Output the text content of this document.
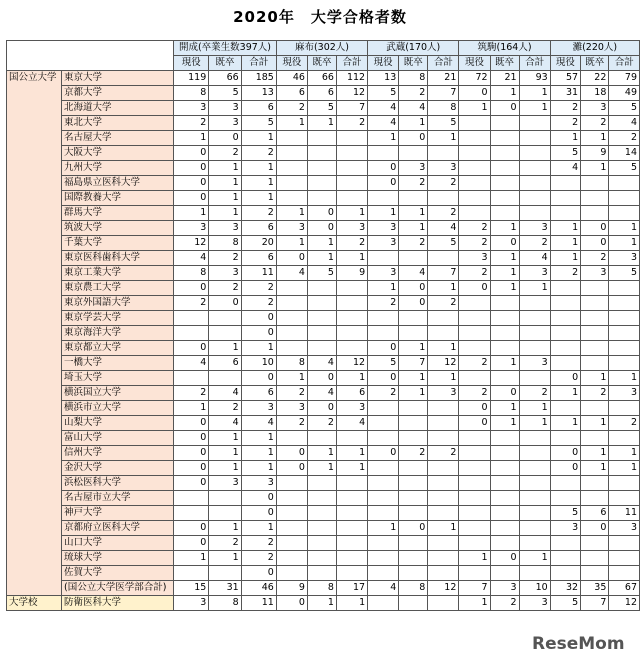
2020年　大学合格者数
		開成(卒業生数397人)			麻布(302人)			武蔵(170人)			筑駒(164人)			灘(220人)		
		現役	既卒	合計	現役	既卒	合計	現役	既卒	合計	現役	既卒	合計	現役	既卒	合計
国公立大学	東京大学	119	66	185	46	66	112	13	8	21	72	21	93	57	22	79
	京都大学	8	5	13	6	6	12	5	2	7	0	1	1	31	18	49
	北海道大学	3	3	6	2	5	7	4	4	8	1	0	1	2	3	5
	東北大学	2	3	5	1	1	2	4	1	5				2	2	4
	名古屋大学	1	0	1				1	0	1				1	1	2
	大阪大学	0	2	2										5	9	14
	九州大学	0	1	1				0	3	3				4	1	5
	福島県立医科大学	0	1	1				0	2	2						
	国際教養大学	0	1	1												
	群馬大学	1	1	2	1	0	1	1	1	2						
	筑波大学	3	3	6	3	0	3	3	1	4	2	1	3	1	0	1
	千葉大学	12	8	20	1	1	2	3	2	5	2	0	2	1	0	1
	東京医科歯科大学	4	2	6	0	1	1				3	1	4	1	2	3
	東京工業大学	8	3	11	4	5	9	3	4	7	2	1	3	2	3	5
	東京農工大学	0	2	2				1	0	1	0	1	1			
	東京外国語大学	2	0	2				2	0	2						
	東京学芸大学			0												
	東京海洋大学			0												
	東京都立大学	0	1	1				0	1	1						
	一橋大学	4	6	10	8	4	12	5	7	12	2	1	3			
	埼玉大学			0	1	0	1	0	1	1				0	1	1
	横浜国立大学	2	4	6	2	4	6	2	1	3	2	0	2	1	2	3
	横浜市立大学	1	2	3	3	0	3				0	1	1			
	山梨大学	0	4	4	2	2	4				0	1	1	1	1	2
	富山大学	0	1	1												
	信州大学	0	1	1	0	1	1	0	2	2				0	1	1
	金沢大学	0	1	1	0	1	1							0	1	1
	浜松医科大学	0	3	3												
	名古屋市立大学			0												
	神戸大学			0										5	6	11
	京都府立医科大学	0	1	1				1	0	1				3	0	3
	山口大学	0	2	2												
	琉球大学	1	1	2							1	0	1			
	佐賀大学			0												
	(国公立大学医学部合計)	15	31	46	9	8	17	4	8	12	7	3	10	32	35	67
大学校	防衛医科大学	3	8	11	0	1	1				1	2	3	5	7	12
ReseMom
